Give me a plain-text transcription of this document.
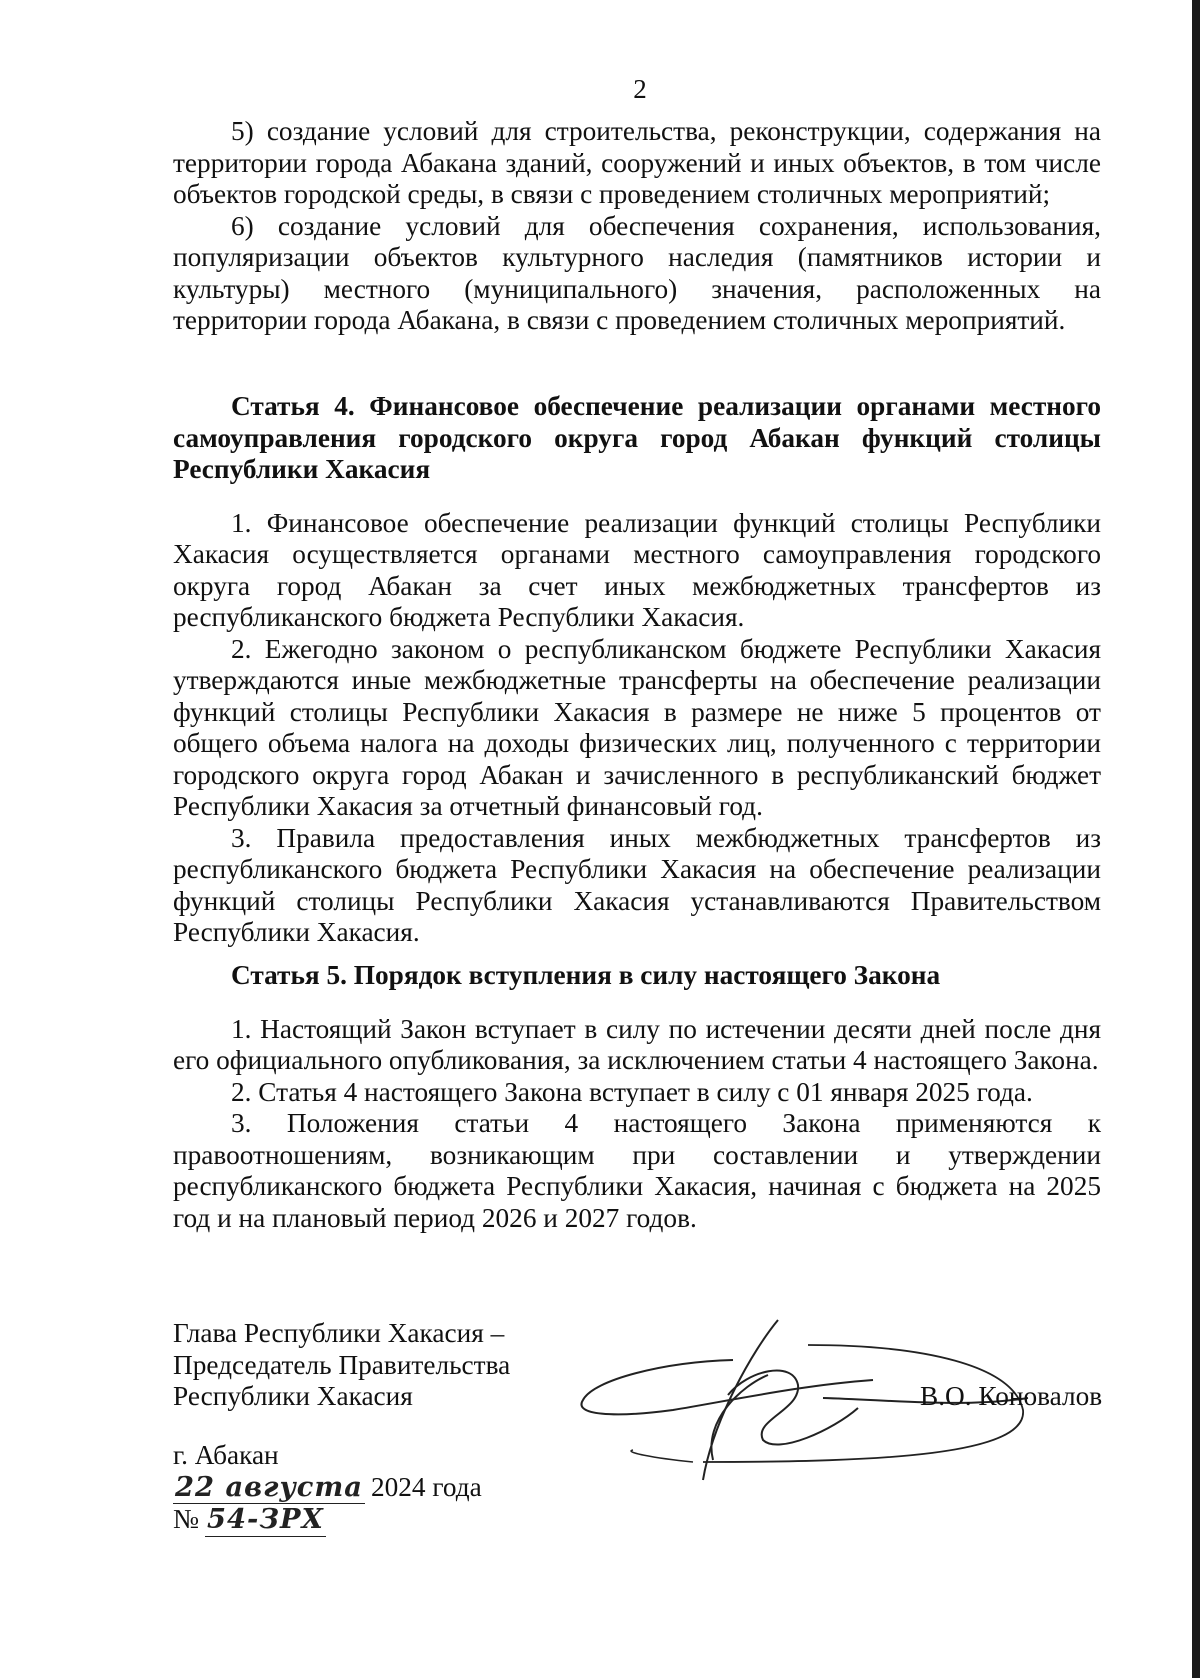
2

5) создание условий для строительства, реконструкции, содержания на территории города Абакана зданий, сооружений и иных объектов, в том числе объектов городской среды, в связи с проведением столичных мероприятий;

6) создание условий для обеспечения сохранения, использования, популяризации объектов культурного наследия (памятников истории и культуры) местного (муниципального) значения, расположенных на территории города Абакана, в связи с проведением столичных мероприятий.

Статья 4. Финансовое обеспечение реализации органами местного самоуправления городского округа город Абакан функций столицы Республики Хакасия

1. Финансовое обеспечение реализации функций столицы Республики Хакасия осуществляется органами местного самоуправления городского округа город Абакан за счет иных межбюджетных трансфертов из республиканского бюджета Республики Хакасия.

2. Ежегодно законом о республиканском бюджете Республики Хакасия утверждаются иные межбюджетные трансферты на обеспечение реализации функций столицы Республики Хакасия в размере не ниже 5 процентов от общего объема налога на доходы физических лиц, полученного с территории городского округа город Абакан и зачисленного в республиканский бюджет Республики Хакасия за отчетный финансовый год.

3. Правила предоставления иных межбюджетных трансфертов из республиканского бюджета Республики Хакасия на обеспечение реализации функций столицы Республики Хакасия устанавливаются Правительством Республики Хакасия.

Статья 5. Порядок вступления в силу настоящего Закона

1. Настоящий Закон вступает в силу по истечении десяти дней после дня его официального опубликования, за исключением статьи 4 настоящего Закона.

2. Статья 4 настоящего Закона вступает в силу с 01 января 2025 года.

3. Положения статьи 4 настоящего Закона применяются к правоотношениям, возникающим при составлении и утверждении республиканского бюджета Республики Хакасия, начиная с бюджета на 2025 год и на плановый период 2026 и 2027 годов.

Глава Республики Хакасия –
Председатель Правительства
Республики Хакасия	В.О. Коновалов
г. Абакан
22 августа 2024 года
№ 54-ЗРХ
